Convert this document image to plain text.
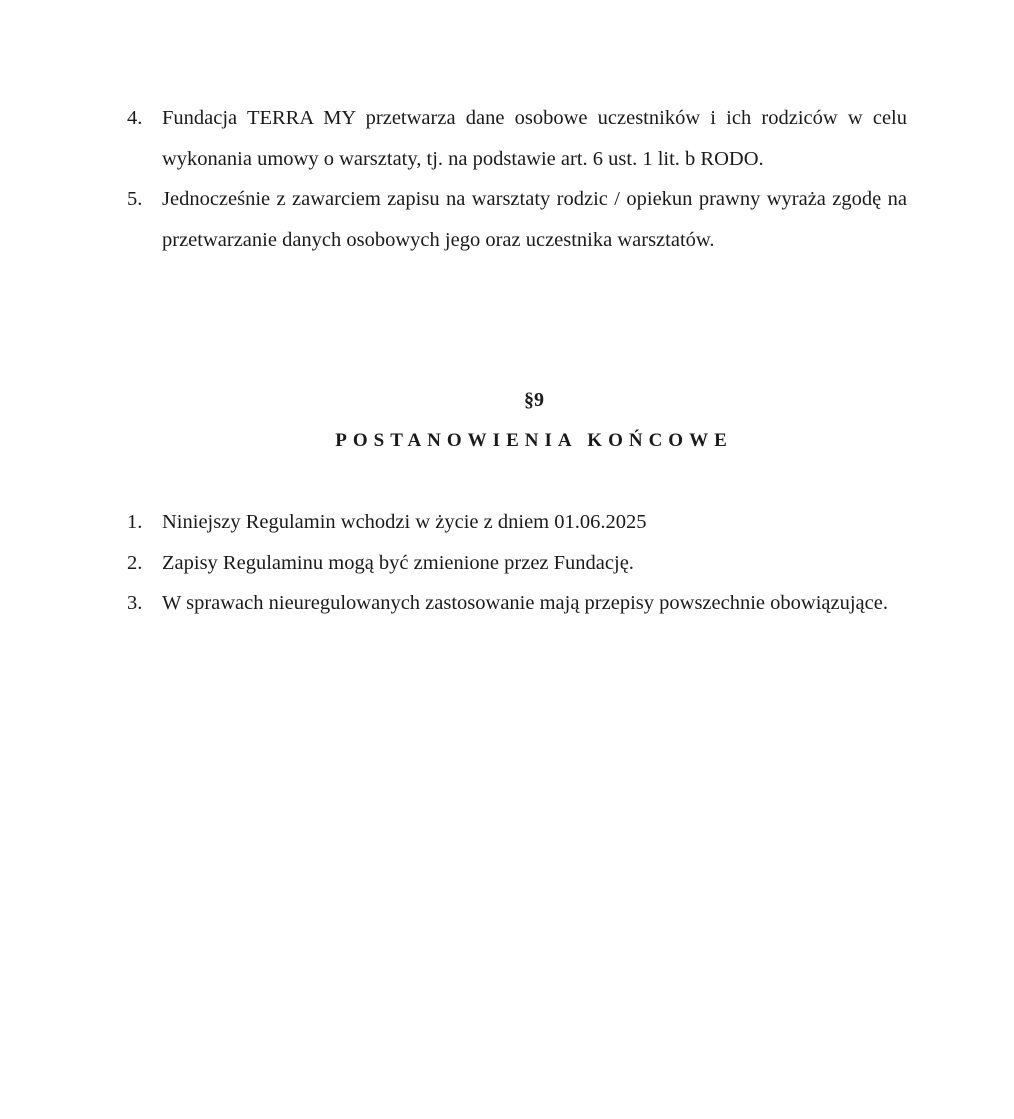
4. Fundacja TERRA MY przetwarza dane osobowe uczestników i ich rodziców w celu wykonania umowy o warsztaty, tj. na podstawie art. 6 ust. 1 lit. b RODO.
5. Jednocześnie z zawarciem zapisu na warsztaty rodzic / opiekun prawny wyraża zgodę na przetwarzanie danych osobowych jego oraz uczestnika warsztatów.
§9
POSTANOWIENIA KOŃCOWE
1. Niniejszy Regulamin wchodzi w życie z dniem 01.06.2025
2. Zapisy Regulaminu mogą być zmienione przez Fundację.
3. W sprawach nieuregulowanych zastosowanie mają przepisy powszechnie obowiązujące.
